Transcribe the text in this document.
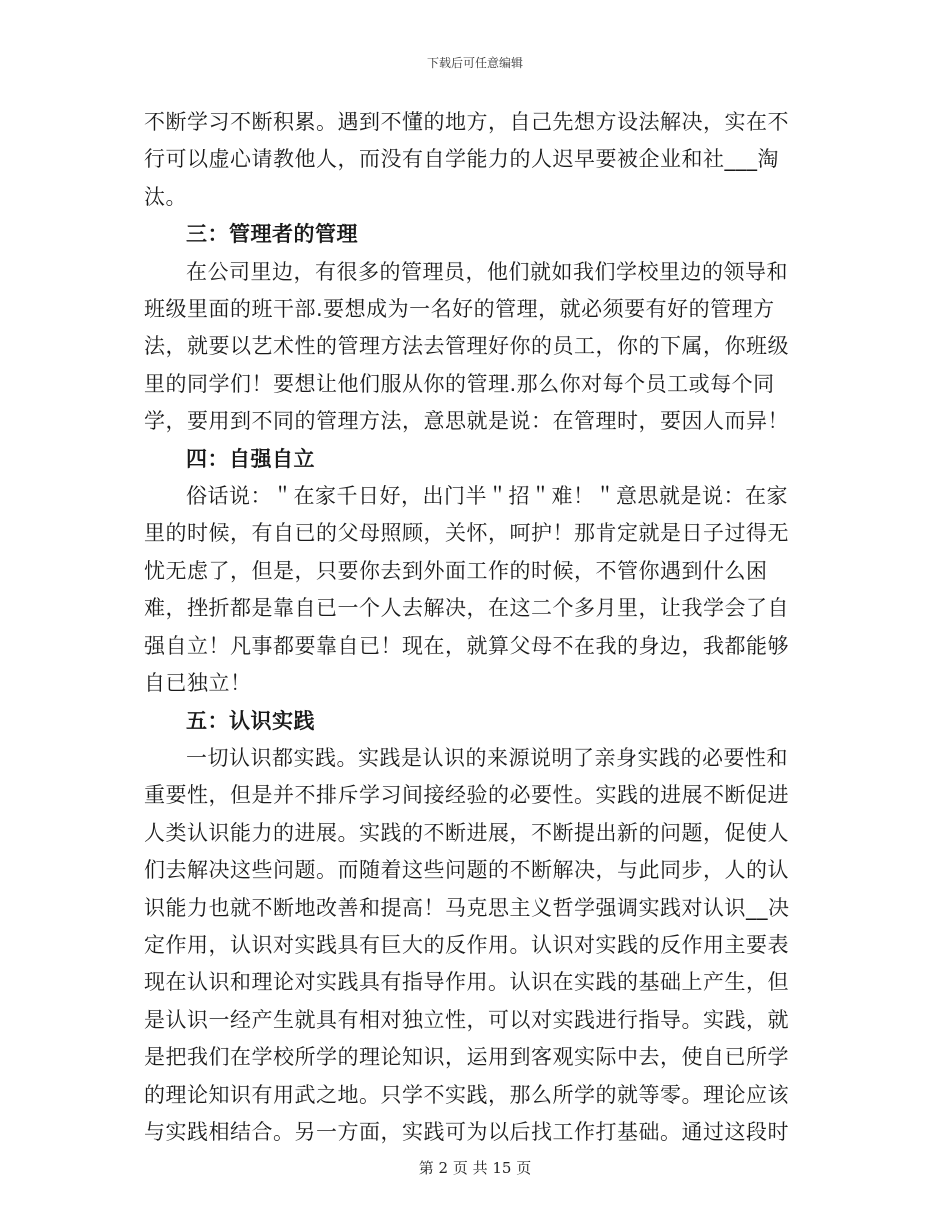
下载后可任意编辑

不断学习不断积累。遇到不懂的地方，自己先想方设法解决，实在不行可以虚心请教他人，而没有自学能力的人迟早要被企业和社___淘汰。

三：管理者的管理

在公司里边，有很多的管理员，他们就如我们学校里边的领导和班级里面的班干部.要想成为一名好的管理，就必须要有好的管理方法，就要以艺术性的管理方法去管理好你的员工，你的下属，你班级里的同学们！要想让他们服从你的管理.那么你对每个员工或每个同学，要用到不同的管理方法，意思就是说：在管理时，要因人而异！

四：自强自立

俗话说：＂在家千日好，出门半＂招＂难！＂意思就是说：在家里的时候，有自已的父母照顾，关怀，呵护！那肯定就是日子过得无忧无虑了，但是，只要你去到外面工作的时候，不管你遇到什么困难，挫折都是靠自已一个人去解决，在这二个多月里，让我学会了自强自立！凡事都要靠自已！现在，就算父母不在我的身边，我都能够自已独立！

五：认识实践

一切认识都实践。实践是认识的来源说明了亲身实践的必要性和重要性，但是并不排斥学习间接经验的必要性。实践的进展不断促进人类认识能力的进展。实践的不断进展，不断提出新的问题，促使人们去解决这些问题。而随着这些问题的不断解决，与此同步，人的认识能力也就不断地改善和提高！马克思主义哲学强调实践对认识__决定作用，认识对实践具有巨大的反作用。认识对实践的反作用主要表现在认识和理论对实践具有指导作用。认识在实践的基础上产生，但是认识一经产生就具有相对独立性，可以对实践进行指导。实践，就是把我们在学校所学的理论知识，运用到客观实际中去，使自已所学的理论知识有用武之地。只学不实践，那么所学的就等零。理论应该与实践相结合。另一方面，实践可为以后找工作打基础。通过这段时

第 2 页 共 15 页
